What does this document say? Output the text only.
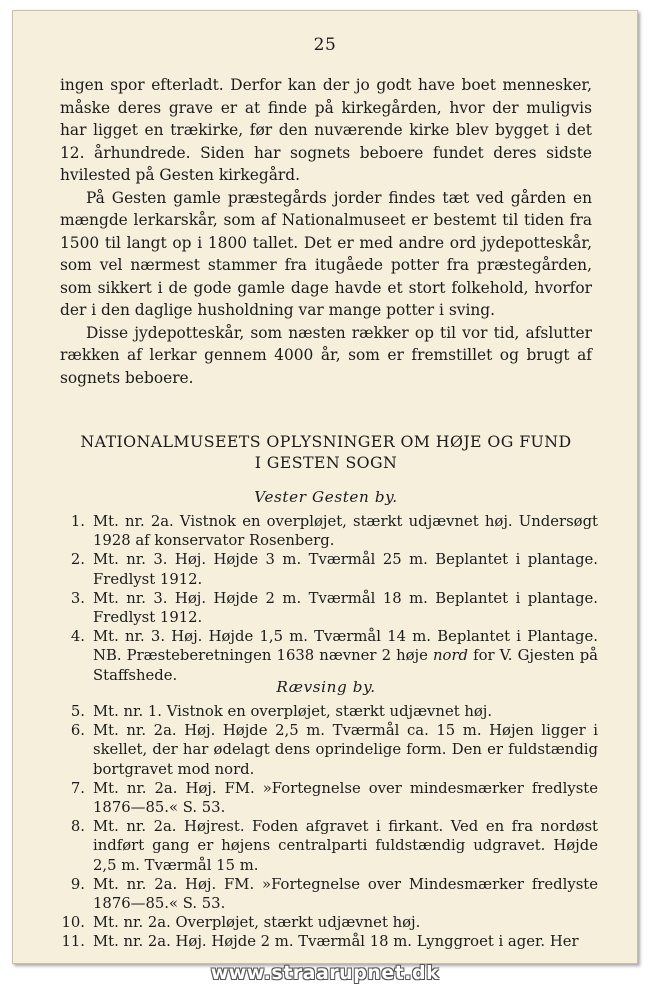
25

ingen spor efterladt. Derfor kan der jo godt have boet mennesker, måske deres grave er at finde på kirkegården, hvor der muligvis har ligget en trækirke, før den nuværende kirke blev bygget i det 12. århundrede. Siden har sognets beboere fundet deres sidste hvilested på Gesten kirkegård.

På Gesten gamle præstegårds jorder findes tæt ved gården en mængde lerkarskår, som af Nationalmuseet er bestemt til tiden fra 1500 til langt op i 1800 tallet. Det er med andre ord jydepotteskår, som vel nærmest stammer fra itugåede potter fra præstegården, som sikkert i de gode gamle dage havde et stort folkehold, hvorfor der i den daglige husholdning var mange potter i sving.

Disse jydepotteskår, som næsten rækker op til vor tid, afslutter rækken af lerkar gennem 4000 år, som er fremstillet og brugt af sognets beboere.

NATIONALMUSEETS OPLYSNINGER OM HØJE OG FUND
I GESTEN SOGN
Vester Gesten by.
1. Mt. nr. 2a. Vistnok en overpløjet, stærkt udjævnet høj. Undersøgt 1928 af konservator Rosenberg.
2. Mt. nr. 3. Høj. Højde 3 m. Tværmål 25 m. Beplantet i plantage. Fredlyst 1912.
3. Mt. nr. 3. Høj. Højde 2 m. Tværmål 18 m. Beplantet i plantage. Fredlyst 1912.
4. Mt. nr. 3. Høj. Højde 1,5 m. Tværmål 14 m. Beplantet i Plantage. NB. Præsteberetningen 1638 nævner 2 høje nord for V. Gjesten på Staffshede.
Rævsing by.
5. Mt. nr. 1. Vistnok en overpløjet, stærkt udjævnet høj.
6. Mt. nr. 2a. Høj. Højde 2,5 m. Tværmål ca. 15 m. Højen ligger i skellet, der har ødelagt dens oprindelige form. Den er fuldstændig bortgravet mod nord.
7. Mt. nr. 2a. Høj. FM. »Fortegnelse over mindesmærker fredlyste 1876—85.« S. 53.
8. Mt. nr. 2a. Højrest. Foden afgravet i firkant. Ved en fra nordøst indført gang er højens centralparti fuldstændig udgravet. Højde 2,5 m. Tværmål 15 m.
9. Mt. nr. 2a. Høj. FM. »Fortegnelse over Mindesmærker fredlyste 1876—85.« S. 53.
10. Mt. nr. 2a. Overpløjet, stærkt udjævnet høj.
11. Mt. nr. 2a. Høj. Højde 2 m. Tværmål 18 m. Lynggroet i ager. Her
www.straarupnet.dk
